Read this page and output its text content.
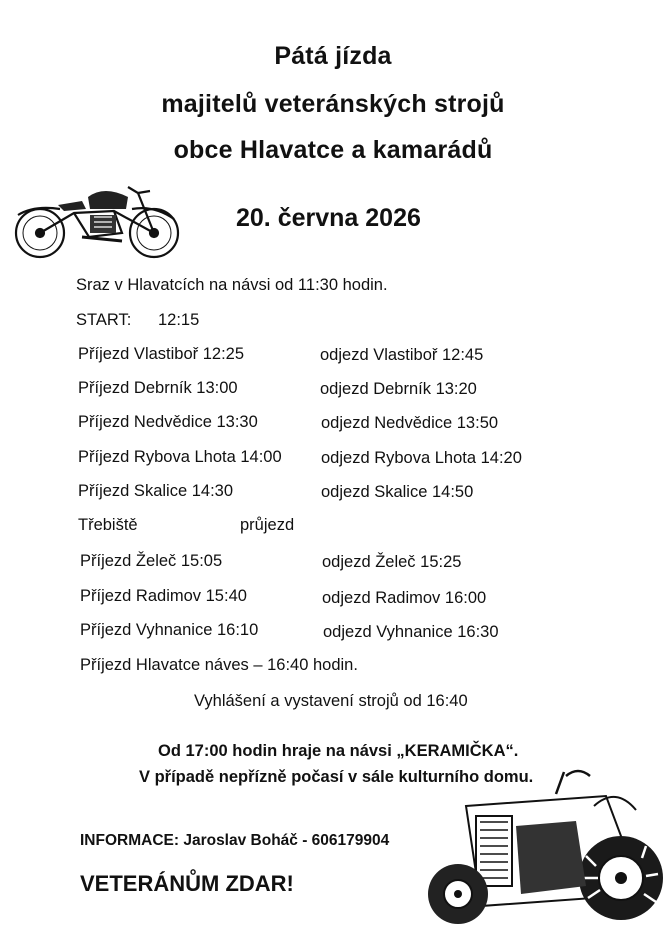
Pátá jízda
majitelů veteránských strojů
obce Hlavatce a kamarádů
20. června 2026
Sraz v Hlavatcích na návsi od 11:30 hodin.
START: 12:15
Příjezd Vlastiboř 12:25	odjezd Vlastiboř 12:45
Příjezd Debrník 13:00	odjezd Debrník 13:20
Příjezd Nedvědice 13:30	odjezd Nedvědice 13:50
Příjezd Rybova Lhota 14:00 odjezd Rybova Lhota 14:20
Příjezd Skalice 14:30	odjezd Skalice 14:50
Třebiště	průjezd
Příjezd Želeč 15:05	odjezd Želeč 15:25
Příjezd Radimov 15:40	odjezd Radimov 16:00
Příjezd Vyhnanice 16:10	odjezd Vyhnanice 16:30
Příjezd Hlavatce náves – 16:40 hodin.
Vyhlášení a vystavení strojů od 16:40
Od 17:00 hodin hraje na návsi „KERAMIČKA“.
V případě nepřízně počasí v sále kulturního domu.
INFORMACE: Jaroslav Boháč - 606179904
VETERÁNŮM ZDAR!
